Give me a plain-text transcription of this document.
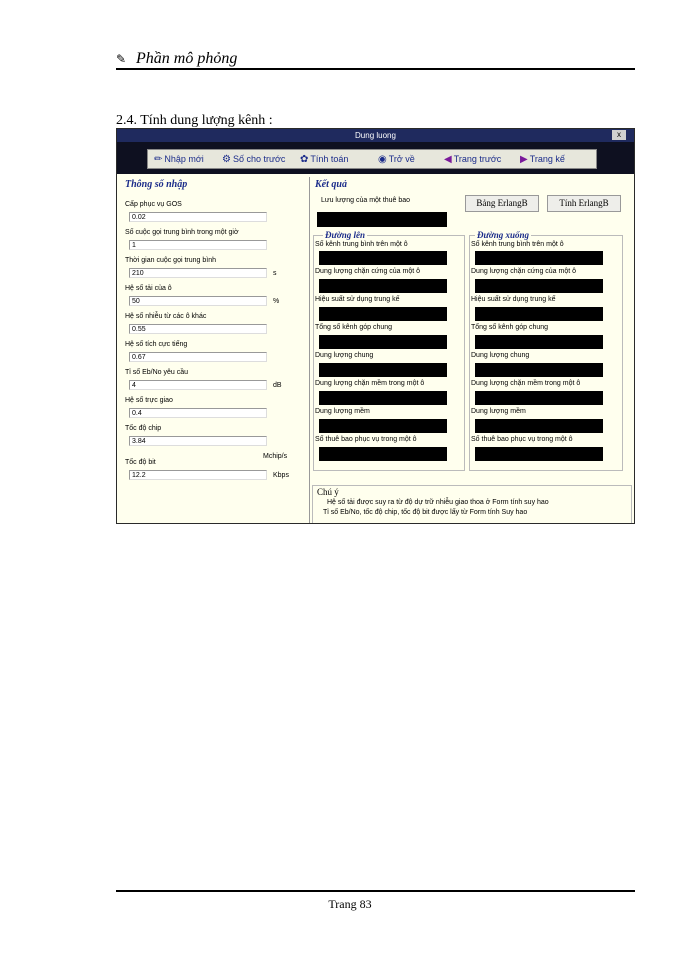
✎ Phần mô phỏng
2.4. Tính dung lượng kênh :
Dung luong	x
✏ Nhập mới ⚙ Số cho trước ✿ Tính toán	◉ Trở về	◀ Trang trước ▶ Trang kế
Thông số nhập
Cấp phục vụ GOS
0.02
Số cuộc gọi trung bình trong một giờ
1
Thời gian cuộc gọi trung bình
210	s
Hệ số tải của ô
50	%
Hệ số nhiễu từ các ô khác
0.55
Hệ số tích cực tiếng
0.67
Tỉ số Eb/No yêu cầu
4	dB
Hệ số trực giao
0.4
Tốc độ chip
3.84
Mchip/s
Tốc độ bit
12.2	Kbps
Kết quả
Lưu lượng của một thuê bao	Bảng ErlangB	Tính ErlangB
Đường lên
Số kênh trung bình trên một ô
Dung lượng chặn cứng của một ô
Hiệu suất sử dụng trung kế
Tổng số kênh góp chung
Dung lượng chung
Dung lượng chặn mềm trong một ô
Dung lượng mềm
Số thuê bao phục vụ trong một ô
Đường xuống
Số kênh trung bình trên một ô
Dung lượng chặn cứng của một ô
Hiệu suất sử dụng trung kế
Tổng số kênh góp chung
Dung lượng chung
Dung lượng chặn mềm trong một ô
Dung lượng mềm
Số thuê bao phục vụ trong một ô
Chú ý
Hệ số tải được suy ra từ độ dự trữ nhiễu giao thoa ở Form tính suy hao
Tỉ số Eb/No, tốc độ chip, tốc độ bit được lấy từ Form tính Suy hao
Trang 83
